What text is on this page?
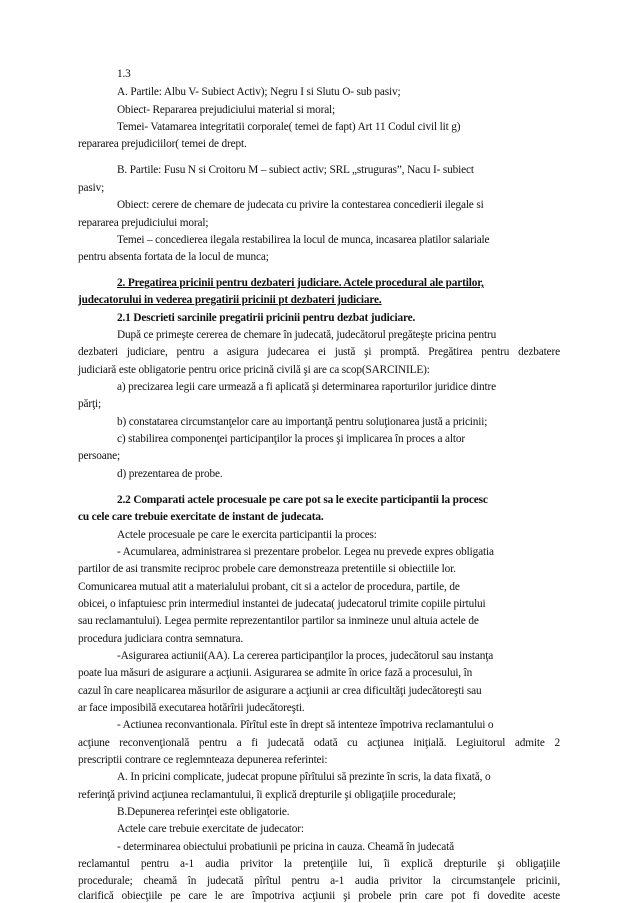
1.3
A. Partile: Albu V- Subiect Activ); Negru I si Slutu O- sub pasiv;
Obiect- Repararea prejudiciului material si moral;
Temei- Vatamarea integritatii corporale( temei de fapt) Art 11 Codul civil lit g)
repararea prejudiciilor( temei de drept.
B. Partile: Fusu N si Croitoru M – subiect activ; SRL „struguras”, Nacu I- subiect
pasiv;
Obiect: cerere de chemare de judecata cu privire la contestarea concedierii ilegale si
repararea prejudiciului moral;
Temei – concedierea ilegala restabilirea la locul de munca, incasarea platilor salariale
pentru absenta fortata de la locul de munca;
2. Pregatirea pricinii pentru dezbateri judiciare. Actele procedural ale partilor,
judecatorului in vederea pregatirii pricinii pt dezbateri judiciare.
2.1 Descrieti sarcinile pregatirii pricinii pentru dezbat judiciare.
După ce primeşte cererea de chemare în judecată, judecătorul pregăteşte pricina pentru
dezbateri judiciare, pentru a asigura judecarea ei justă şi promptă. Pregătirea pentru dezbatere
judiciară este obligatorie pentru orice pricină civilă şi are ca scop(SARCINILE):
a) precizarea legii care urmează a fi aplicată şi determinarea raporturilor juridice dintre
părţi;
b) constatarea circumstanţelor care au importanţă pentru soluţionarea justă a pricinii;
c) stabilirea componenţei participanţilor la proces şi implicarea în proces a altor
persoane;
d) prezentarea de probe.
2.2 Comparati actele procesuale pe care pot sa le execite participantii la procesc
cu cele care trebuie exercitate de instant de judecata.
Actele procesuale pe care le exercita participantii la proces:
- Acumularea, administrarea si prezentare probelor. Legea nu prevede expres obligatia
partilor de asi transmite reciproc probele care demonstreaza pretentiile si obiectiile lor.
Comunicarea mutual atit a materialului probant, cit si a actelor de procedura, partile, de
obicei, o infaptuiesc prin intermediul instantei de judecata( judecatorul trimite copiile pirtului
sau reclamantului). Legea permite reprezentantilor partilor sa inmineze unul altuia actele de
procedura judiciara contra semnatura.
-Asigurarea actiunii(AA). La cererea participanţilor la proces, judecătorul sau instanţa
poate lua măsuri de asigurare a acţiunii. Asigurarea se admite în orice fază a procesului, în
cazul în care neaplicarea măsurilor de asigurare a acţiunii ar crea dificultăţi judecătoreşti sau
ar face imposibilă executarea hotărîrii judecătoreşti.
- Actiunea reconvantionala. Pîrîtul este în drept să intenteze împotriva reclamantului o
acţiune reconvenţională pentru a fi judecată odată cu acţiunea iniţială. Legiuitorul admite 2
prescriptii contrare ce reglemnteaza depunerea referintei:
A. In pricini complicate, judecat propune pîrîtului să prezinte în scris, la data fixată, o
referinţă privind acţiunea reclamantului, îi explică drepturile şi obligaţiile procedurale;
B.Depunerea referinţei este obligatorie.
Actele care trebuie exercitate de judecator:
- determinarea obiectului probatiunii pe pricina in cauza. Cheamă în judecată
reclamantul pentru a-1 audia privitor la pretenţiile lui, îi explică drepturile şi obligaţiile
procedurale; cheamă în judecată pîrîtul pentru a-1 audia privitor la circumstanţele pricinii,
clarifică obiecţiile pe care le are împotriva acţiunii şi probele prin care pot fi dovedite aceste
